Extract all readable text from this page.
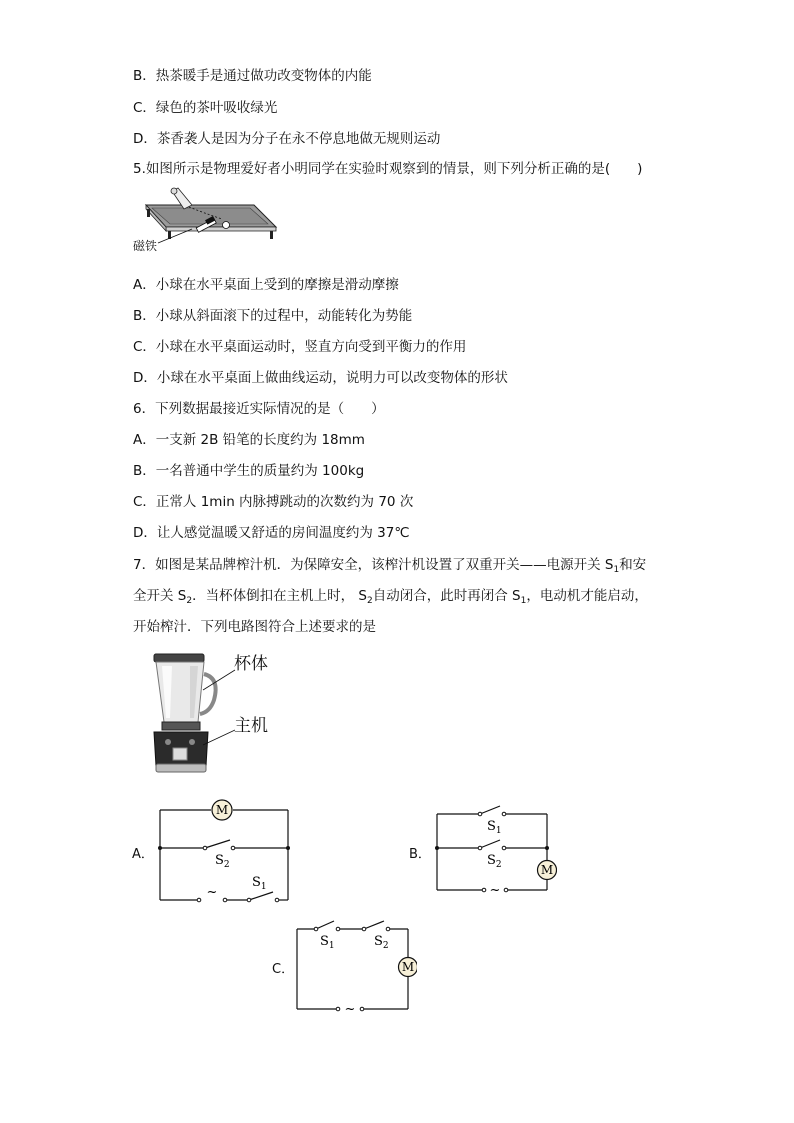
B．热茶暖手是通过做功改变物体的内能
C．绿色的茶叶吸收绿光
D．茶香袭人是因为分子在永不停息地做无规则运动
5.如图所示是物理爱好者小明同学在实验时观察到的情景，则下列分析正确的是(　　)
磁铁
A．小球在水平桌面上受到的摩擦是滑动摩擦
B．小球从斜面滚下的过程中，动能转化为势能
C．小球在水平桌面运动时，竖直方向受到平衡力的作用
D．小球在水平桌面上做曲线运动，说明力可以改变物体的形状
6．下列数据最接近实际情况的是（　　）
A．一支新 2B 铅笔的长度约为 18mm
B．一名普通中学生的质量约为 100kg
C．正常人 1min 内脉搏跳动的次数约为 70 次
D．让人感觉温暖又舒适的房间温度约为 37℃
7．如图是某品牌榨汁机．为保障安全，该榨汁机设置了双重开关——电源开关 $S_1$和安
全开关 $S_2$．当杯体倒扣在主机上时， $S_2$自动闭合，此时再闭合 $S_1$，电动机才能启动，
开始榨汁．下列电路图符合上述要求的是
杯体
主机
A．
M
~
$S_2$
$S_1$
B．
M
~
$S_1$
$S_2$
C．	M
~
$S_1$	$S_2$
